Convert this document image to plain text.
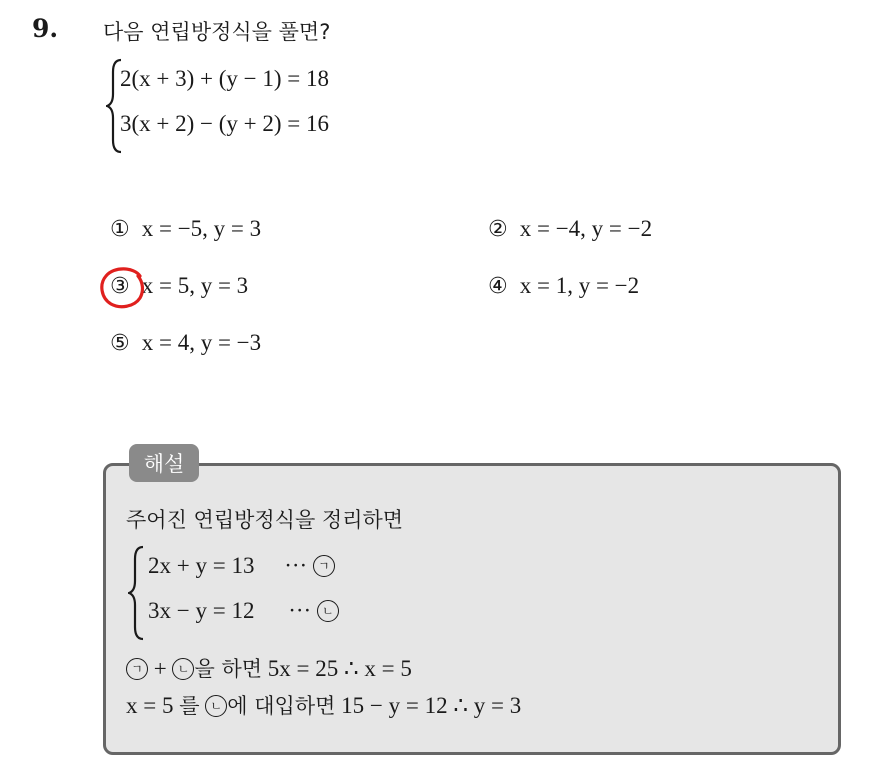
9. 다음 연립방정식을 풀면?
2(x + 3) + (y − 1) = 18
3(x + 2) − (y + 2) = 16
① x = −5, y = 3	② x = −4, y = −2
③ x = 5, y = 3	④ x = 1, y = −2
⑤ x = 4, y = −3
해설
주어진 연립방정식을 정리하면
2x + y = 13 ··· ㄱ
3x − y = 12 ··· ㄴ
ㄱ + ㄴ 을 하면 5x = 25 ∴ x = 5
x = 5 를 ㄴ 에 대입하면 15 − y = 12 ∴ y = 3
